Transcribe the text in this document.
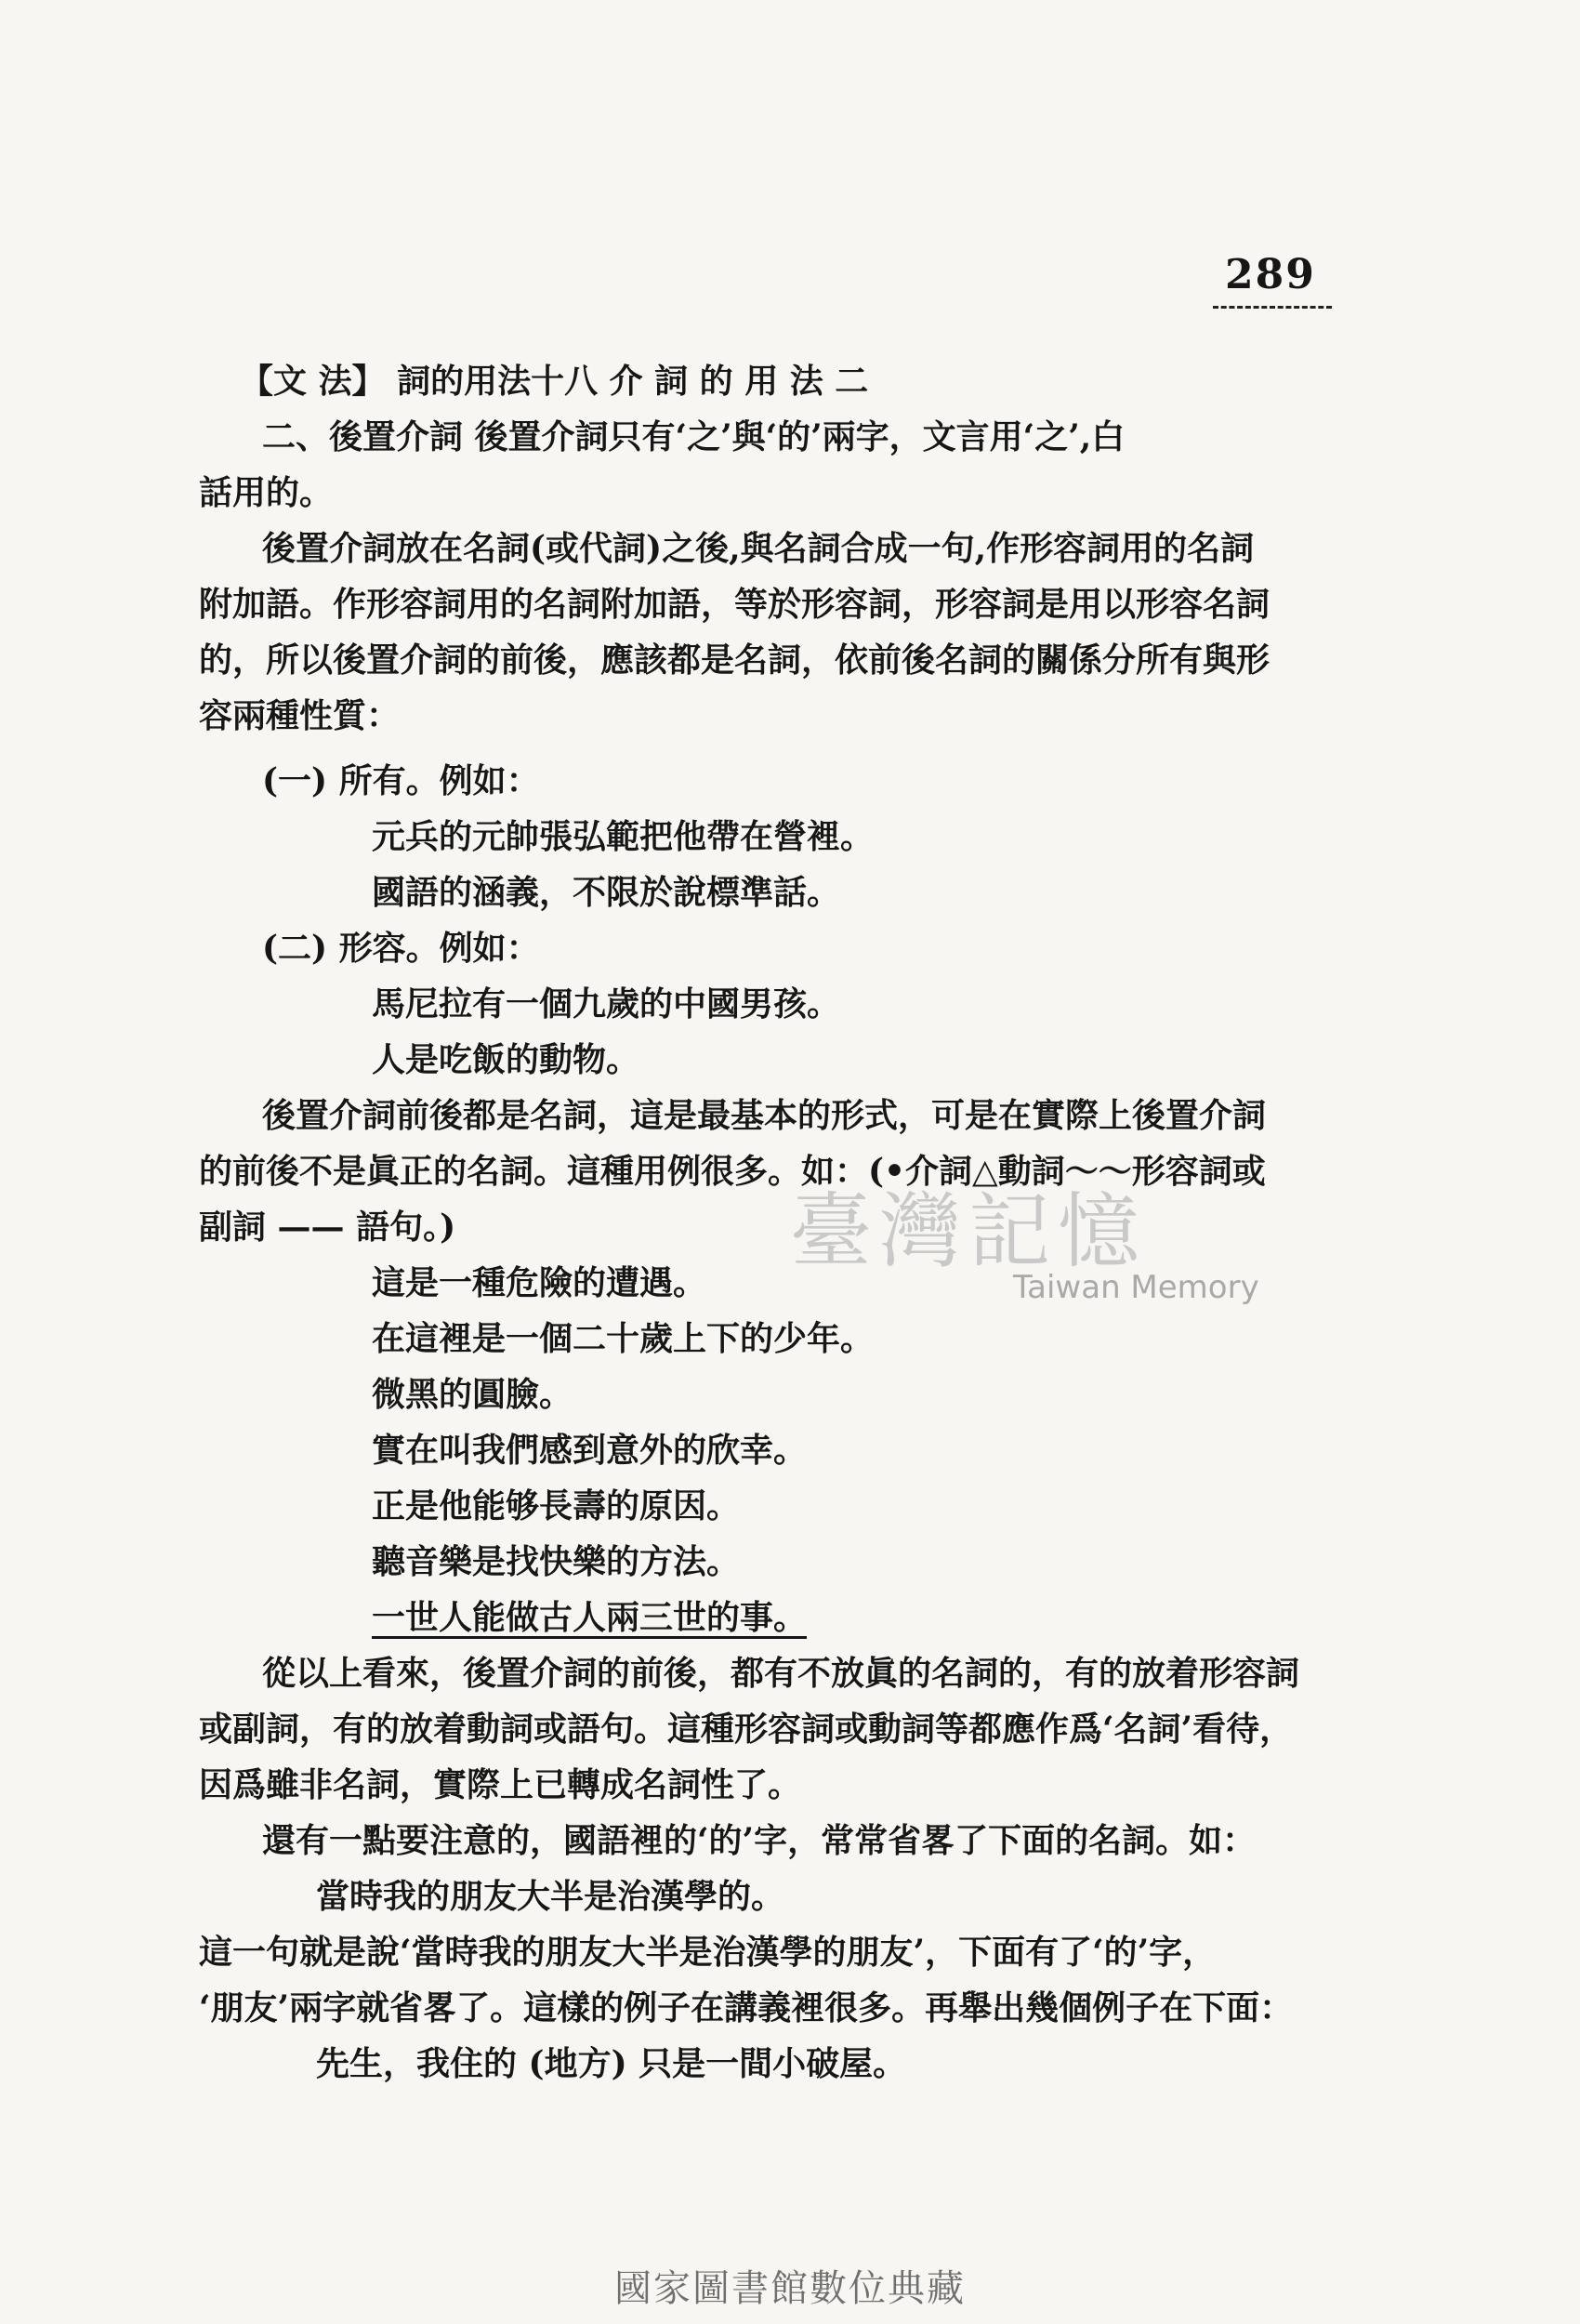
289
【文 法】 詞的用法十八 介 詞 的 用 法 二
二、後置介詞 後置介詞只有‘之’與‘的’兩字，文言用‘之’,白
話用的。
後置介詞放在名詞(或代詞)之後,與名詞合成一句,作形容詞用的名詞
附加語。作形容詞用的名詞附加語，等於形容詞，形容詞是用以形容名詞
的，所以後置介詞的前後，應該都是名詞，依前後名詞的關係分所有與形
容兩種性質：
(一) 所有。例如：
元兵的元帥張弘範把他帶在營裡。
國語的涵義，不限於說標準話。
(二) 形容。例如：
馬尼拉有一個九歲的中國男孩。
人是吃飯的動物。
後置介詞前後都是名詞，這是最基本的形式，可是在實際上後置介詞
的前後不是眞正的名詞。這種用例很多。如：(•介詞△動詞～～形容詞或
副詞 —— 語句。)
這是一種危險的遭遇。
在這裡是一個二十歲上下的少年。
微黑的圓臉。
實在叫我們感到意外的欣幸。
正是他能够長壽的原因。
聽音樂是找快樂的方法。
一世人能做古人兩三世的事。
從以上看來，後置介詞的前後，都有不放眞的名詞的，有的放着形容詞
或副詞，有的放着動詞或語句。這種形容詞或動詞等都應作爲‘名詞’看待，
因爲雖非名詞，實際上已轉成名詞性了。
還有一點要注意的，國語裡的‘的’字，常常省畧了下面的名詞。如：
當時我的朋友大半是治漢學的。
這一句就是說‘當時我的朋友大半是治漢學的朋友’，下面有了‘的’字，
‘朋友’兩字就省畧了。這樣的例子在講義裡很多。再舉出幾個例子在下面：
先生，我住的 (地方) 只是一間小破屋。
臺灣記憶
Taiwan Memory
國家圖書館數位典藏
